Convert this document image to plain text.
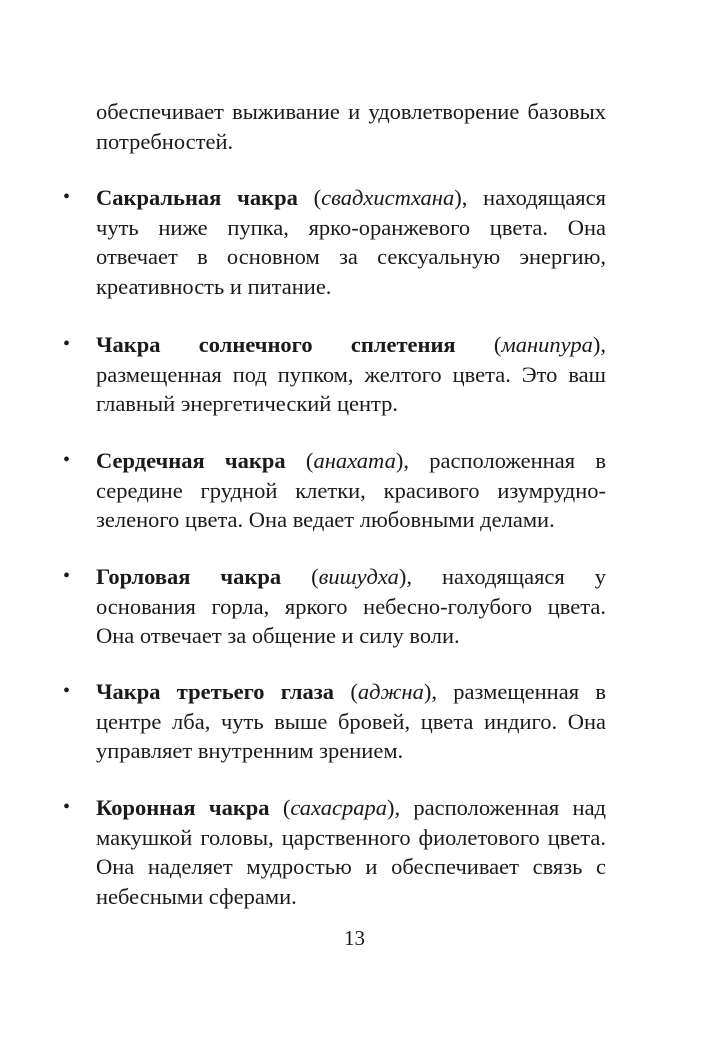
обеспечивает выживание и удовлетворение базовых потребностей.

• Сакральная чакра (свадхистхана), находящаяся чуть ниже пупка, ярко-оранжевого цвета. Она отвечает в основном за сексуальную энергию, креативность и питание.
• Чакра солнечного сплетения (манипура), размещенная под пупком, желтого цвета. Это ваш главный энергетический центр.
• Сердечная чакра (анахата), расположенная в середине грудной клетки, красивого изумрудно-зеленого цвета. Она ведает любовными делами.
• Горловая чакра (вишудха), находящаяся у основания горла, яркого небесно-голубого цвета. Она отвечает за общение и силу воли.
• Чакра третьего глаза (аджна), размещенная в центре лба, чуть выше бровей, цвета индиго. Она управляет внутренним зрением.
• Коронная чакра (сахасрара), расположенная над макушкой головы, царственного фиолетового цвета. Она наделяет мудростью и обеспечивает связь с небесными сферами.
13
